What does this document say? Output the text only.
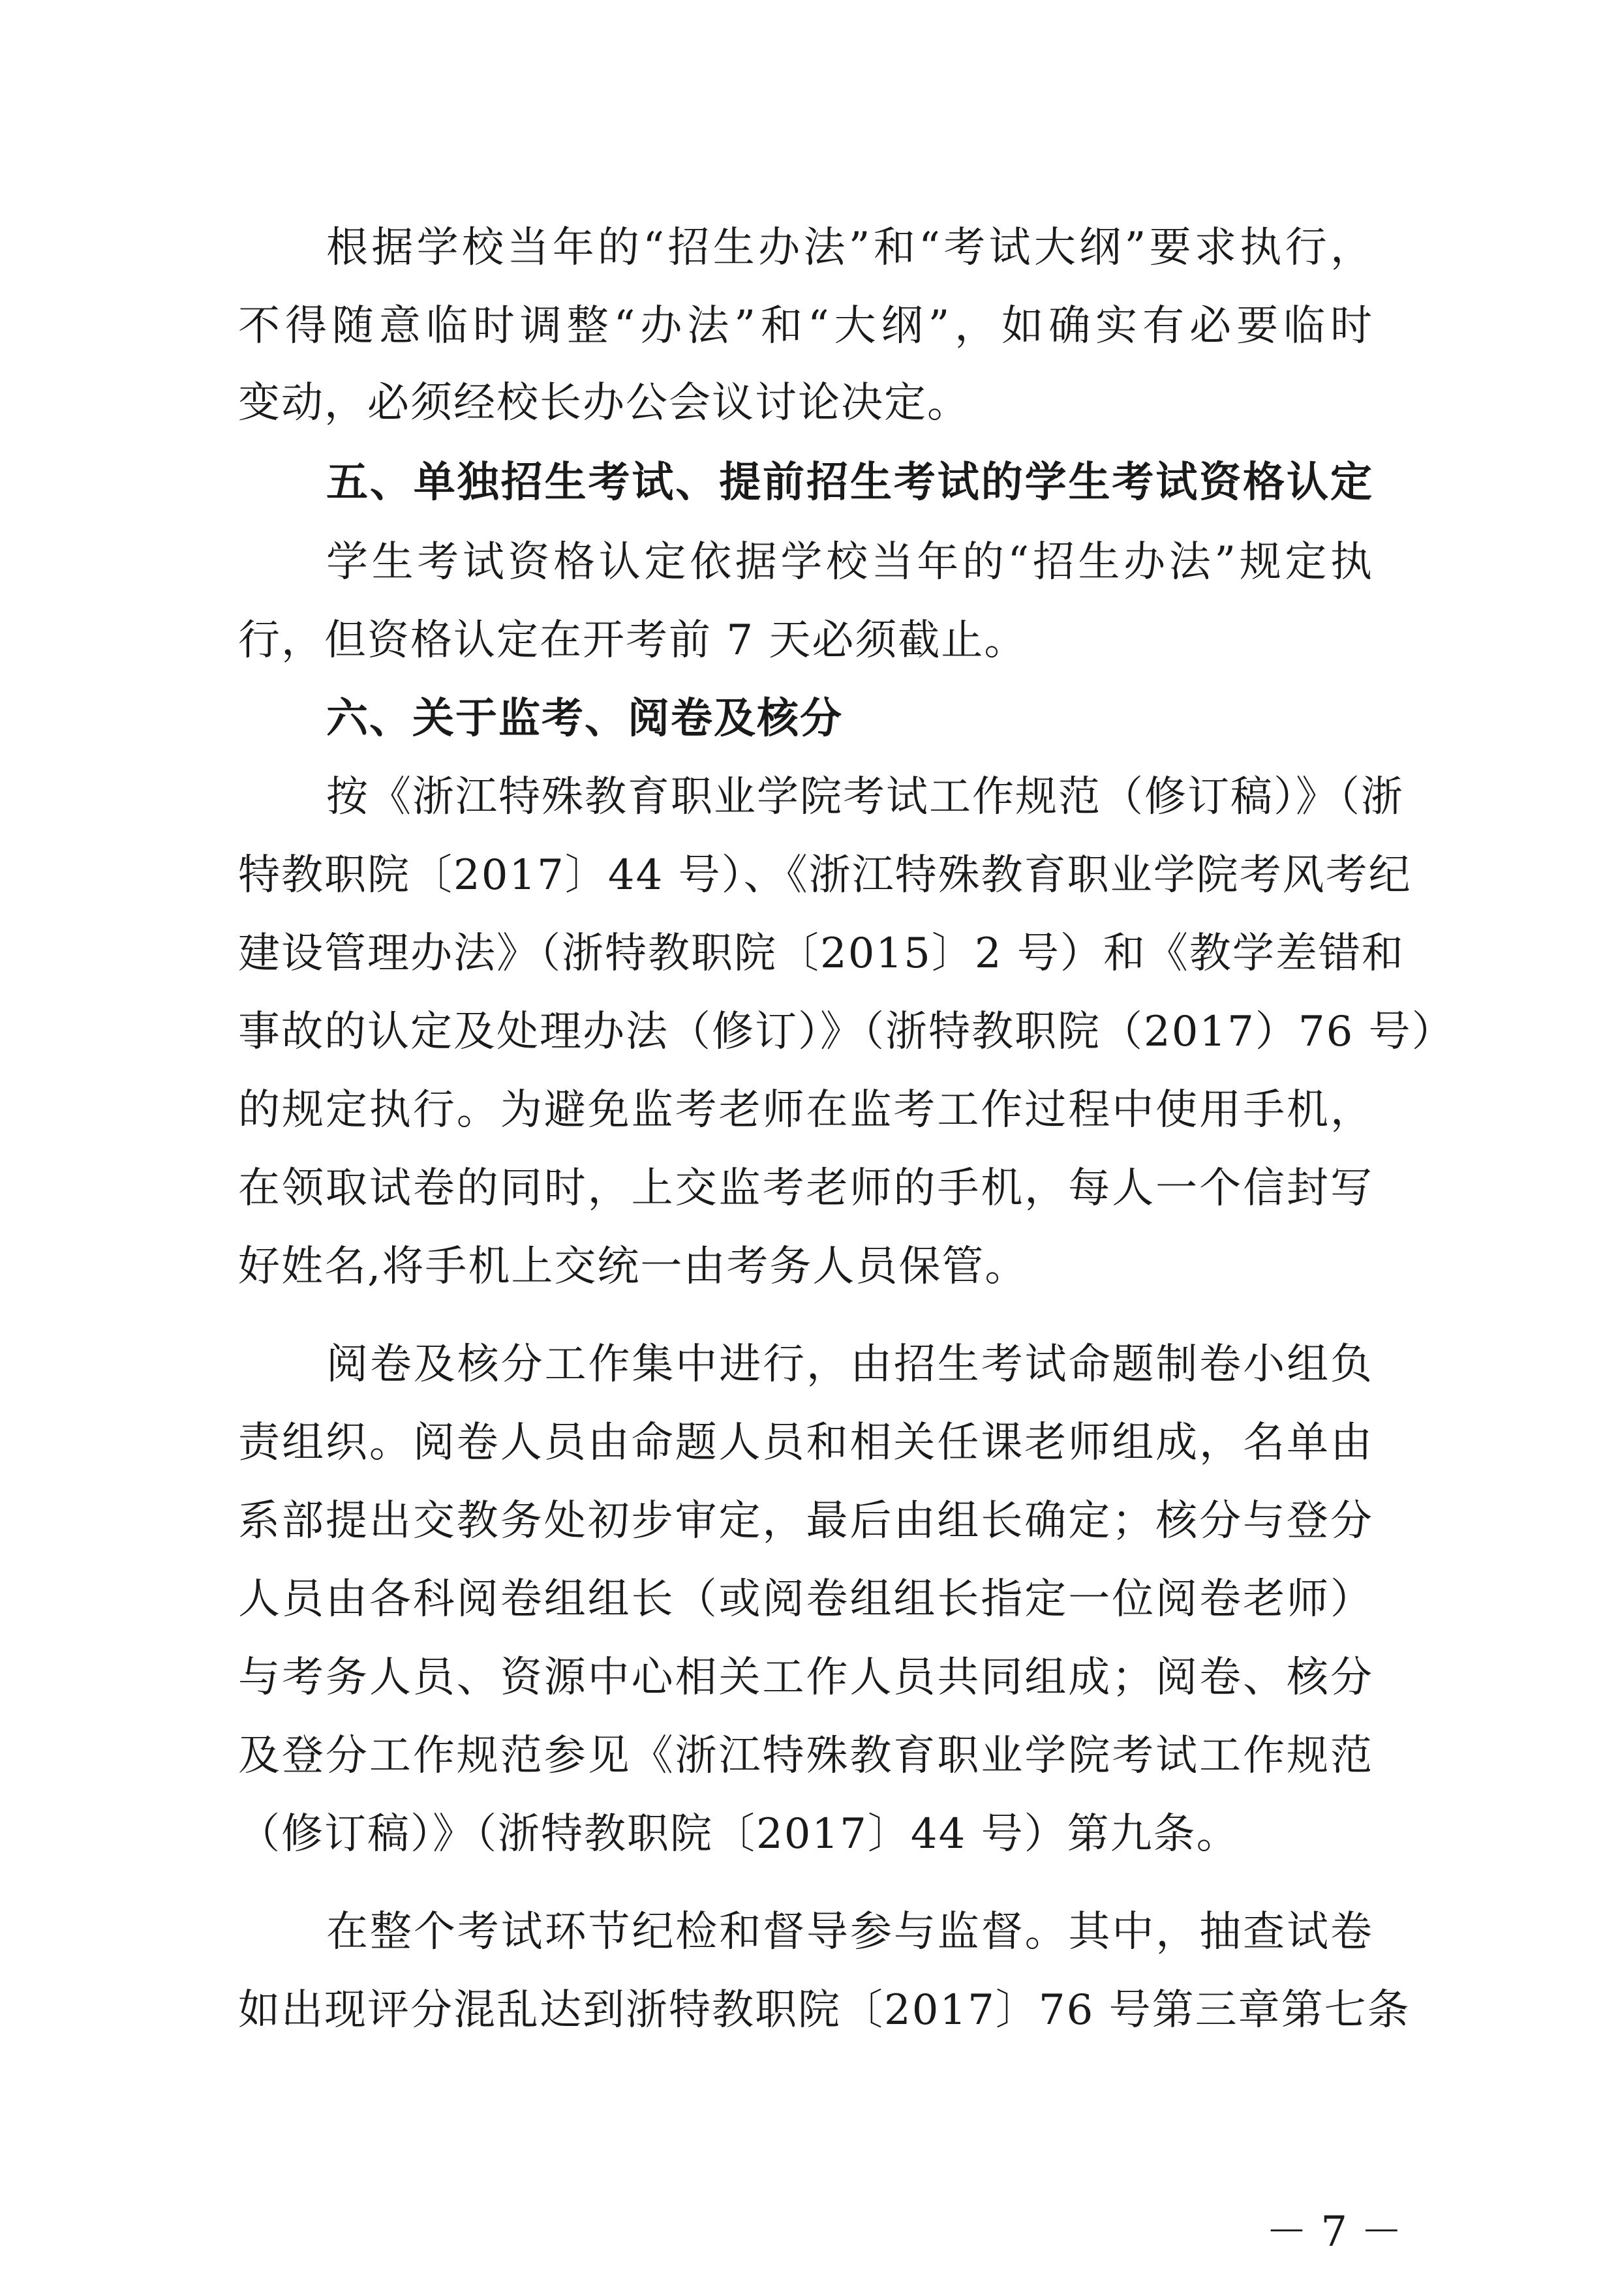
根据学校当年的“招生办法”和“考试大纲”要求执行，
不得随意临时调整“办法”和“大纲”，如确实有必要临时
变动，必须经校长办公会议讨论决定。
五、单独招生考试、提前招生考试的学生考试资格认定
学生考试资格认定依据学校当年的“招生办法”规定执
行，但资格认定在开考前 7 天必须截止。
六、关于监考、阅卷及核分
按《浙江特殊教育职业学院考试工作规范（修订稿）》（浙
特教职院〔2017〕44 号）、《浙江特殊教育职业学院考风考纪
建设管理办法》（浙特教职院〔2015〕2 号）和《教学差错和
事故的认定及处理办法（修订）》（浙特教职院（2017）76 号）
的规定执行。为避免监考老师在监考工作过程中使用手机，
在领取试卷的同时，上交监考老师的手机，每人一个信封写
好姓名,将手机上交统一由考务人员保管。
阅卷及核分工作集中进行，由招生考试命题制卷小组负
责组织。阅卷人员由命题人员和相关任课老师组成，名单由
系部提出交教务处初步审定，最后由组长确定；核分与登分
人员由各科阅卷组组长（或阅卷组组长指定一位阅卷老师）
与考务人员、资源中心相关工作人员共同组成；阅卷、核分
及登分工作规范参见《浙江特殊教育职业学院考试工作规范
（修订稿）》（浙特教职院〔2017〕44 号）第九条。
在整个考试环节纪检和督导参与监督。其中，抽查试卷
如出现评分混乱达到浙特教职院〔2017〕76 号第三章第七条
－ 7 －
